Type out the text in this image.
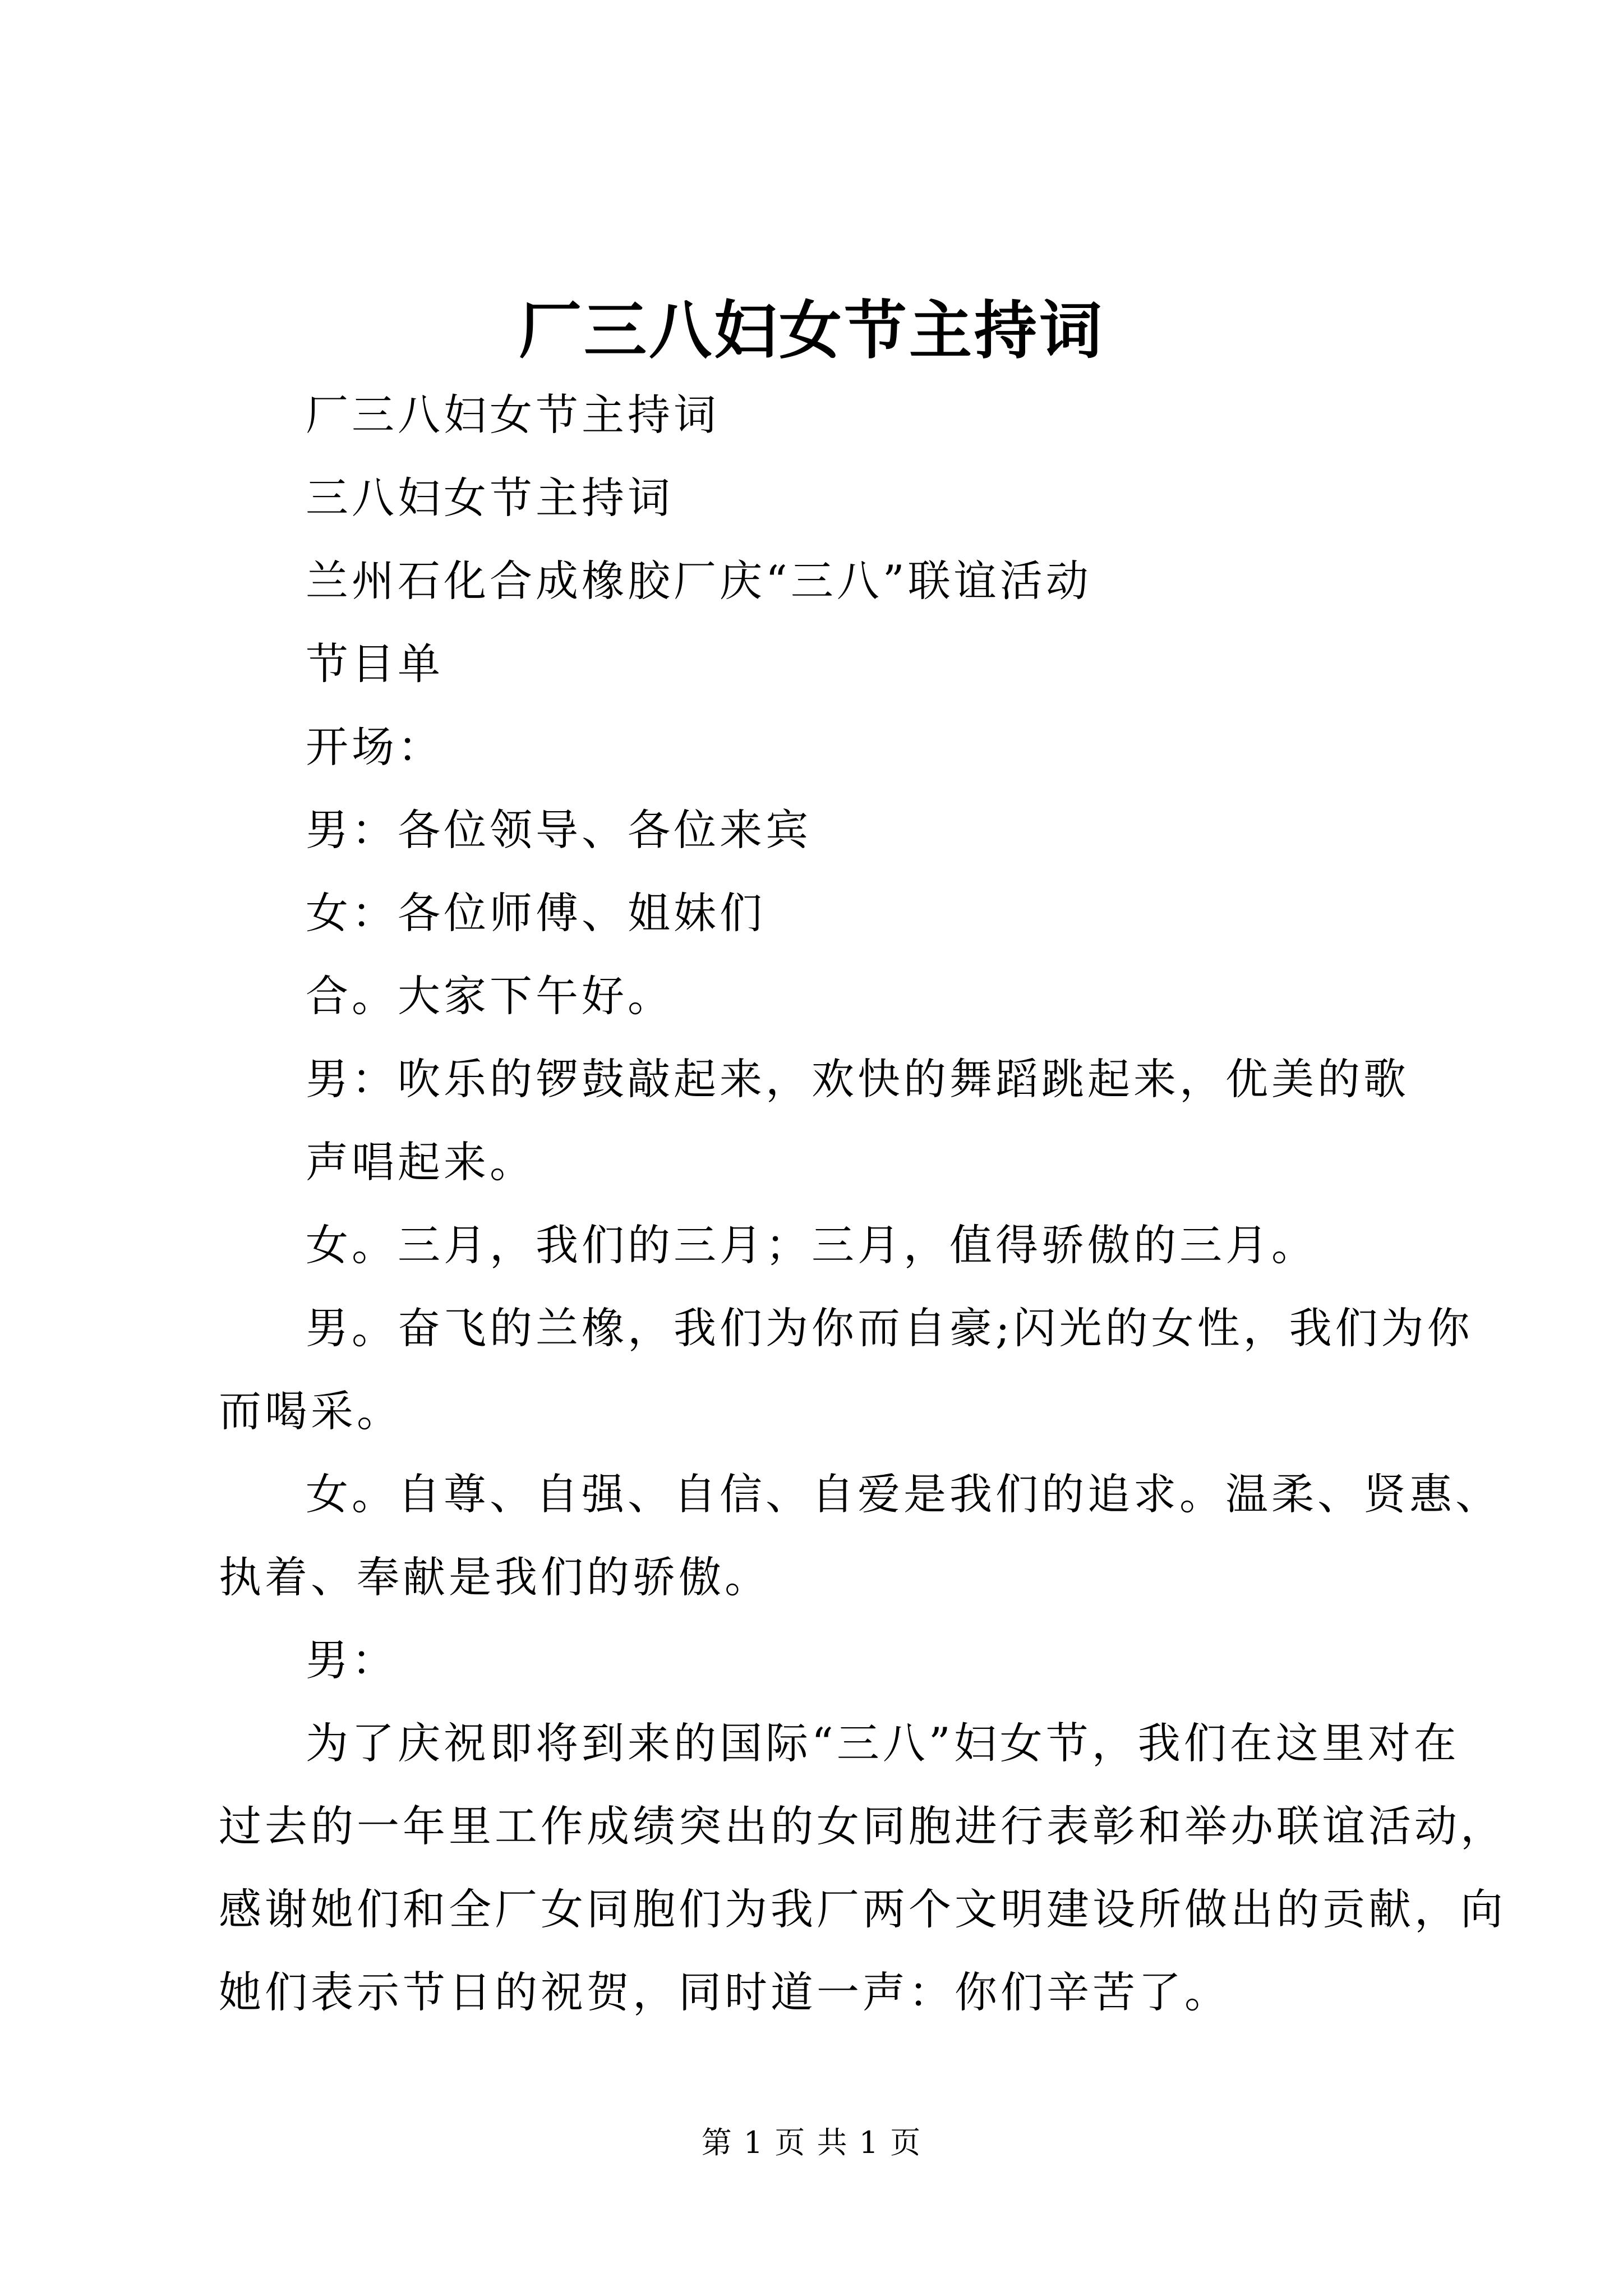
厂三八妇女节主持词
厂三八妇女节主持词
三八妇女节主持词
兰州石化合成橡胶厂庆“三八”联谊活动
节目单
开场：
男：各位领导、各位来宾
女：各位师傅、姐妹们
合。大家下午好。
男：吹乐的锣鼓敲起来，欢快的舞蹈跳起来，优美的歌
声唱起来。
女。三月，我们的三月；三月，值得骄傲的三月。
男。奋飞的兰橡，我们为你而自豪;闪光的女性，我们为你
而喝采。
女。自尊、自强、自信、自爱是我们的追求。温柔、贤惠、
执着、奉献是我们的骄傲。
男：
为了庆祝即将到来的国际“三八”妇女节，我们在这里对在
过去的一年里工作成绩突出的女同胞进行表彰和举办联谊活动，
感谢她们和全厂女同胞们为我厂两个文明建设所做出的贡献，向
她们表示节日的祝贺，同时道一声：你们辛苦了。
第 1 页 共 1 页
